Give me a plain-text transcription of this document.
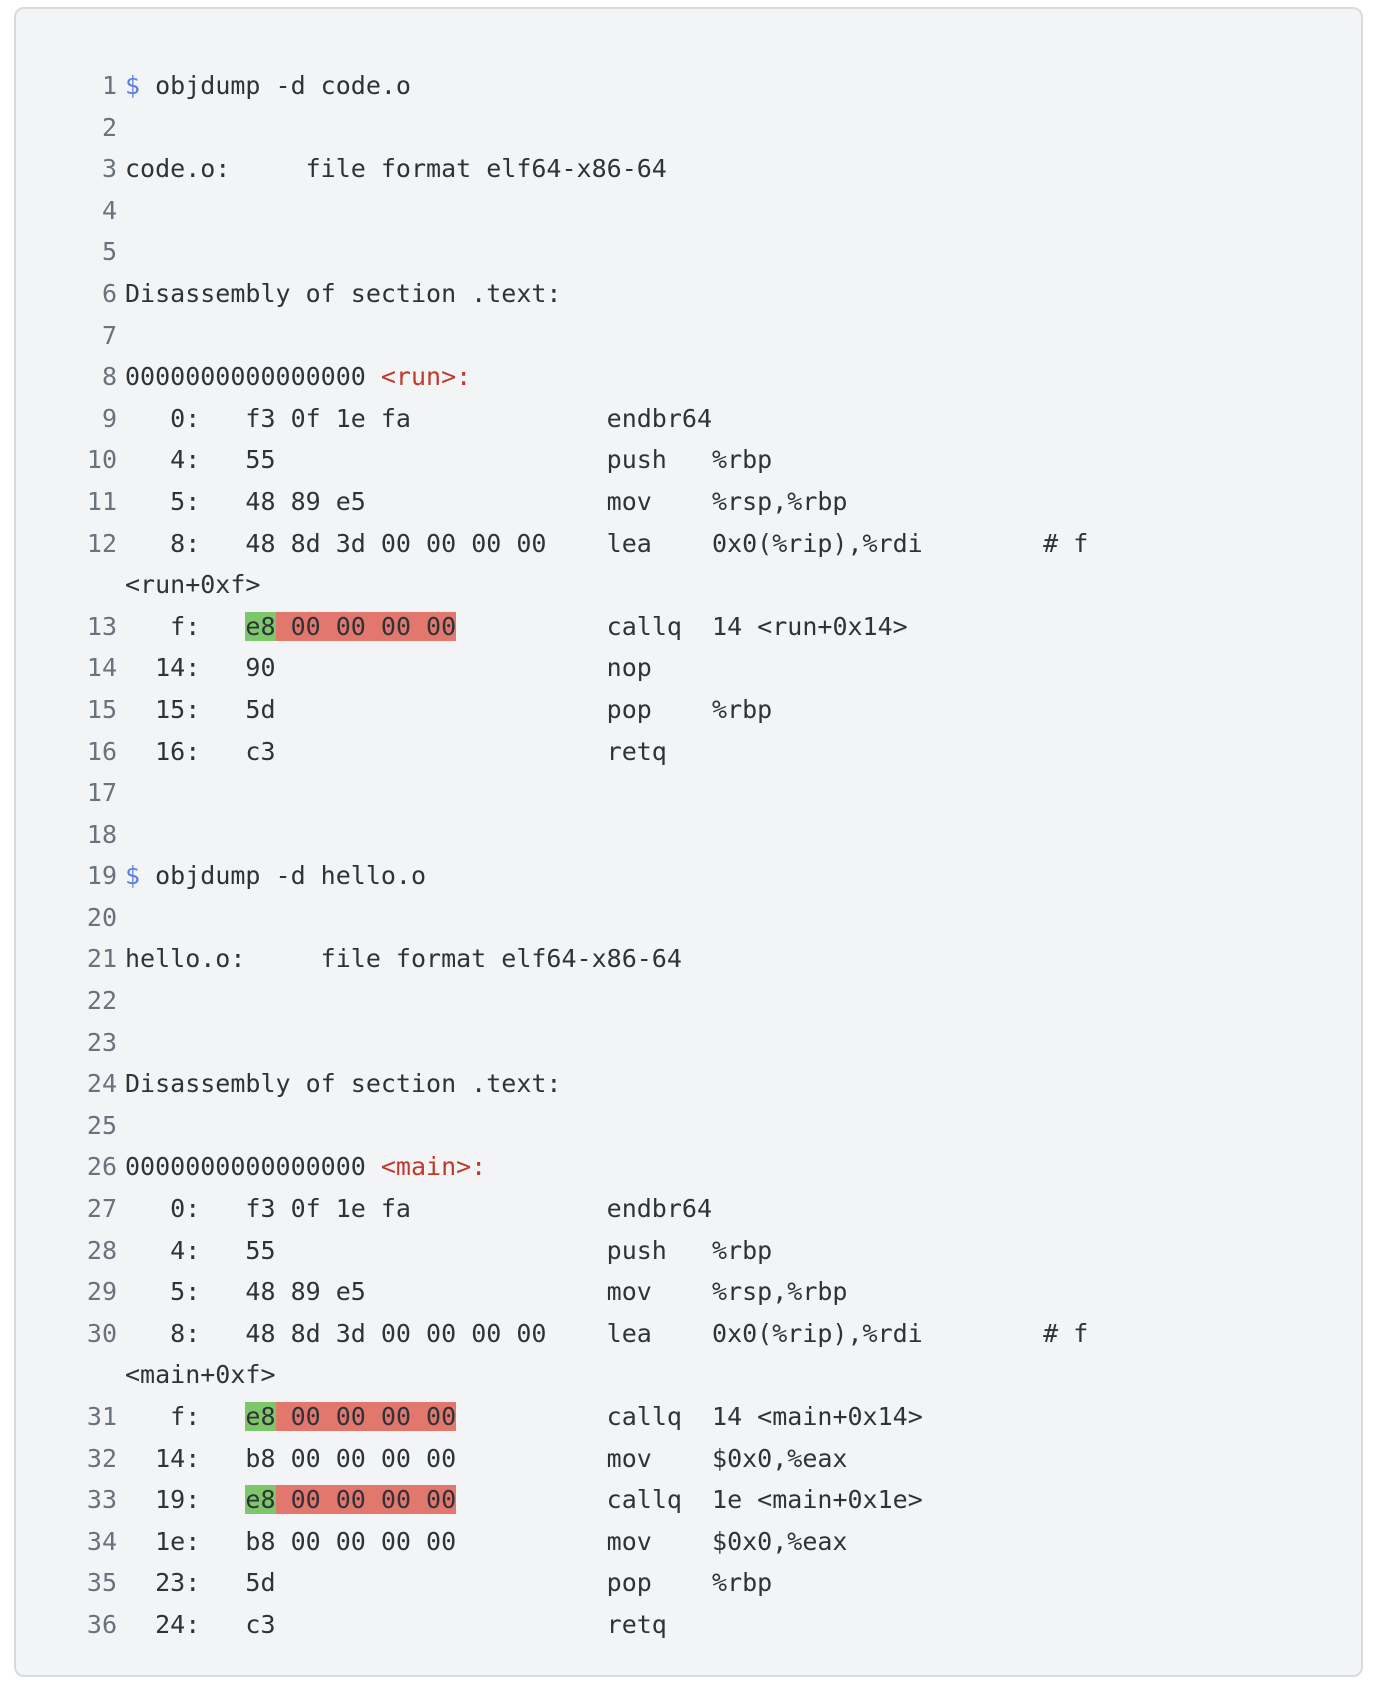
1 $ objdump -d code.o
2
3 code.o:     file format elf64-x86-64
4
5
6 Disassembly of section .text:
7
8 0000000000000000 <run>:
9 0:   f3 0f 1e fa             endbr64
10 4:   55                      push   %rbp
11 5:   48 89 e5                mov    %rsp,%rbp
12 8:   48 8d 3d 00 00 00 00    lea    0x0(%rip),%rdi        # f
<run+0xf>
13 f:   e8 00 00 00 00          callq  14 <run+0x14>
14 14:   90                      nop
15 15:   5d                      pop    %rbp
16 16:   c3                      retq
17
18
19 $ objdump -d hello.o
20
21 hello.o:     file format elf64-x86-64
22
23
24 Disassembly of section .text:
25
26 0000000000000000 <main>:
27 0:   f3 0f 1e fa             endbr64
28 4:   55                      push   %rbp
29 5:   48 89 e5                mov    %rsp,%rbp
30 8:   48 8d 3d 00 00 00 00    lea    0x0(%rip),%rdi        # f
<main+0xf>
31 f:   e8 00 00 00 00          callq  14 <main+0x14>
32 14:   b8 00 00 00 00          mov    $0x0,%eax
33 19:   e8 00 00 00 00          callq  1e <main+0x1e>
34 1e:   b8 00 00 00 00          mov    $0x0,%eax
35 23:   5d                      pop    %rbp
36 24:   c3                      retq
